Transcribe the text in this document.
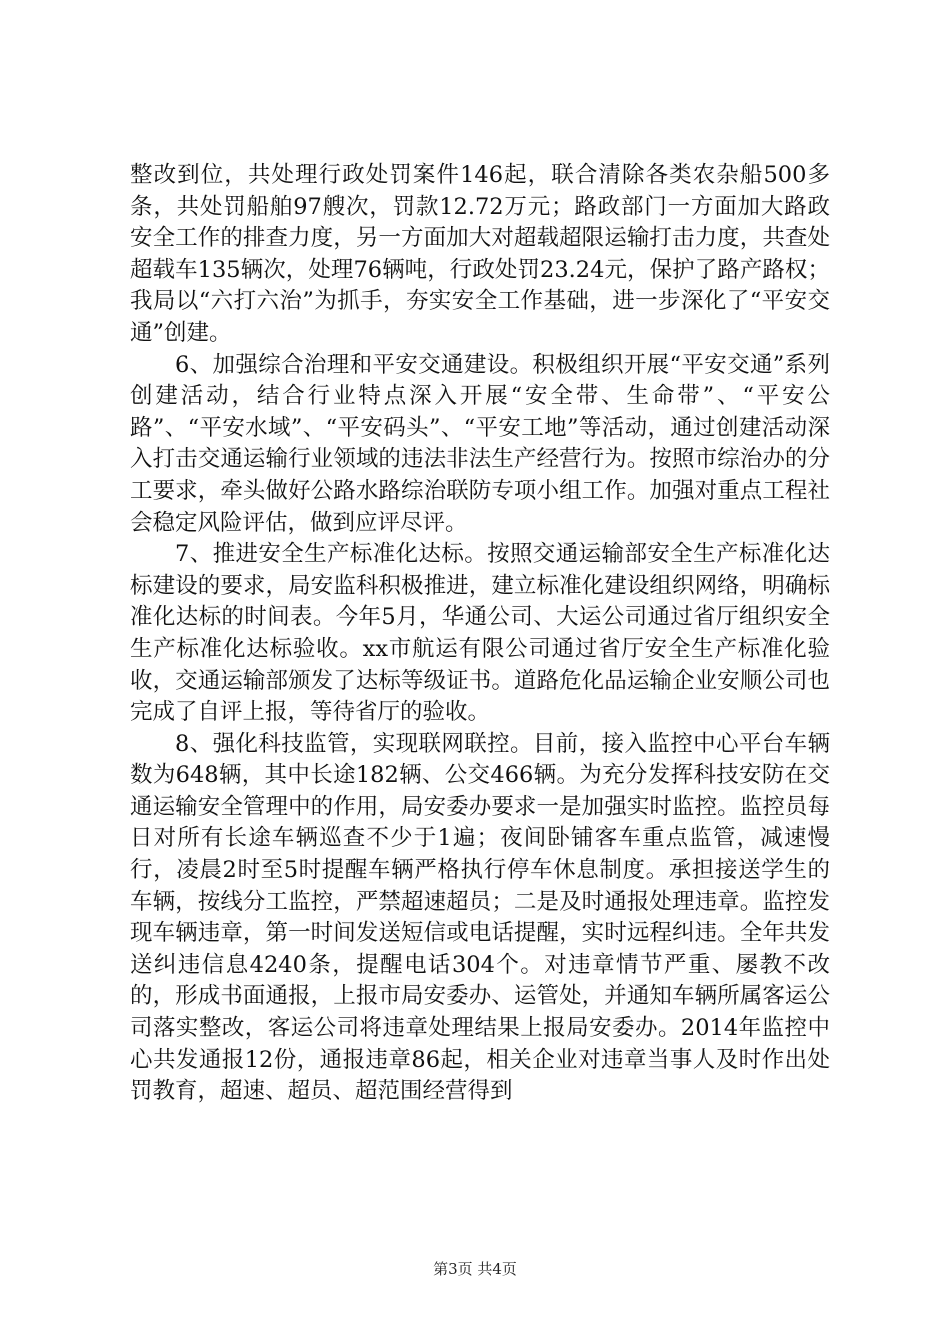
整改到位，共处理行政处罚案件146起，联合清除各类农杂船500多条，共处罚船舶97艘次，罚款12.72万元；路政部门一方面加大路政安全工作的排查力度，另一方面加大对超载超限运输打击力度，共查处超载车135辆次，处理76辆吨，行政处罚23.24元，保护了路产路权；我局以“六打六治”为抓手，夯实安全工作基础，进一步深化了“平安交通”创建。

6、加强综合治理和平安交通建设。积极组织开展“平安交通”系列创建活动，结合行业特点深入开展“安全带、生命带”、“平安公路”、“平安水域”、“平安码头”、“平安工地”等活动，通过创建活动深入打击交通运输行业领域的违法非法生产经营行为。按照市综治办的分工要求，牵头做好公路水路综治联防专项小组工作。加强对重点工程社会稳定风险评估，做到应评尽评。

7、推进安全生产标准化达标。按照交通运输部安全生产标准化达标建设的要求，局安监科积极推进，建立标准化建设组织网络，明确标准化达标的时间表。今年5月，华通公司、大运公司通过省厅组织安全生产标准化达标验收。xx市航运有限公司通过省厅安全生产标准化验收，交通运输部颁发了达标等级证书。道路危化品运输企业安顺公司也完成了自评上报，等待省厅的验收。

8、强化科技监管，实现联网联控。目前，接入监控中心平台车辆数为648辆，其中长途182辆、公交466辆。为充分发挥科技安防在交通运输安全管理中的作用，局安委办要求一是加强实时监控。监控员每日对所有长途车辆巡查不少于1遍；夜间卧铺客车重点监管，减速慢行，凌晨2时至5时提醒车辆严格执行停车休息制度。承担接送学生的车辆，按线分工监控，严禁超速超员；二是及时通报处理违章。监控发现车辆违章，第一时间发送短信或电话提醒，实时远程纠违。全年共发送纠违信息4240条，提醒电话304个。对违章情节严重、屡教不改的，形成书面通报，上报市局安委办、运管处，并通知车辆所属客运公司落实整改，客运公司将违章处理结果上报局安委办。2014年监控中心共发通报12份，通报违章86起，相关企业对违章当事人及时作出处罚教育，超速、超员、超范围经营得到

第3页 共4页
